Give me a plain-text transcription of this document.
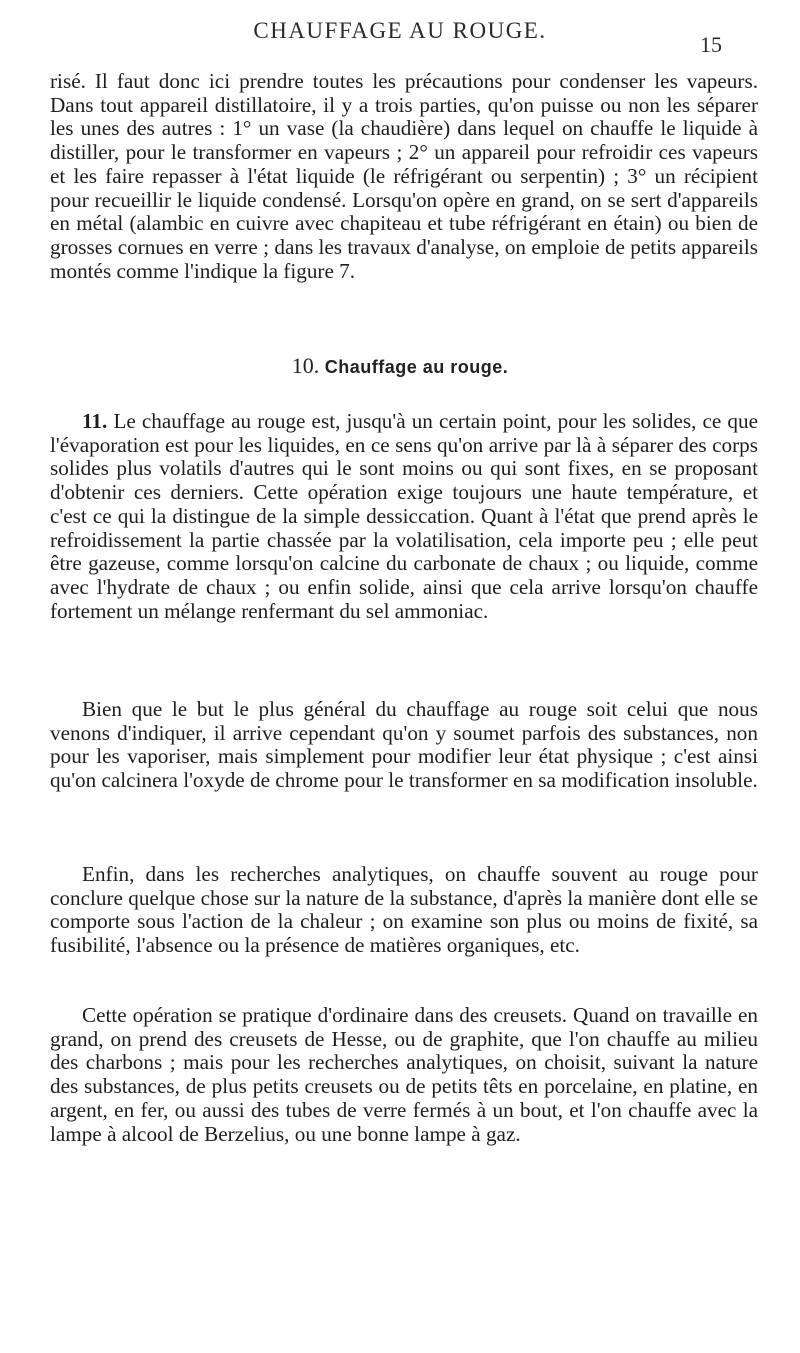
CHAUFFAGE AU ROUGE.
15

risé. Il faut donc ici prendre toutes les précautions pour condenser les vapeurs. Dans tout appareil distillatoire, il y a trois parties, qu'on puisse ou non les séparer les unes des autres : 1° un vase (la chaudière) dans lequel on chauffe le liquide à distiller, pour le transformer en vapeurs ; 2° un appareil pour refroidir ces vapeurs et les faire repasser à l'état liquide (le réfrigérant ou serpentin) ; 3° un récipient pour recueillir le liquide condensé. Lorsqu'on opère en grand, on se sert d'appareils en métal (alambic en cuivre avec chapiteau et tube réfrigérant en étain) ou bien de grosses cornues en verre ; dans les travaux d'analyse, on emploie de petits appareils montés comme l'indique la figure 7.

10. Chauffage au rouge.

11. Le chauffage au rouge est, jusqu'à un certain point, pour les solides, ce que l'évaporation est pour les liquides, en ce sens qu'on arrive par là à séparer des corps solides plus volatils d'autres qui le sont moins ou qui sont fixes, en se proposant d'obtenir ces derniers. Cette opération exige toujours une haute température, et c'est ce qui la distingue de la simple dessiccation. Quant à l'état que prend après le refroidissement la partie chassée par la volatilisation, cela importe peu ; elle peut être gazeuse, comme lorsqu'on calcine du carbonate de chaux ; ou liquide, comme avec l'hydrate de chaux ; ou enfin solide, ainsi que cela arrive lorsqu'on chauffe fortement un mélange renfermant du sel ammoniac.

Bien que le but le plus général du chauffage au rouge soit celui que nous venons d'indiquer, il arrive cependant qu'on y soumet parfois des substances, non pour les vaporiser, mais simplement pour modifier leur état physique ; c'est ainsi qu'on calcinera l'oxyde de chrome pour le transformer en sa modification insoluble.

Enfin, dans les recherches analytiques, on chauffe souvent au rouge pour conclure quelque chose sur la nature de la substance, d'après la manière dont elle se comporte sous l'action de la chaleur ; on examine son plus ou moins de fixité, sa fusibilité, l'absence ou la présence de matières organiques, etc.

Cette opération se pratique d'ordinaire dans des creusets. Quand on travaille en grand, on prend des creusets de Hesse, ou de graphite, que l'on chauffe au milieu des charbons ; mais pour les recherches analytiques, on choisit, suivant la nature des substances, de plus petits creusets ou de petits têts en porcelaine, en platine, en argent, en fer, ou aussi des tubes de verre fermés à un bout, et l'on chauffe avec la lampe à alcool de Berzelius, ou une bonne lampe à gaz.
